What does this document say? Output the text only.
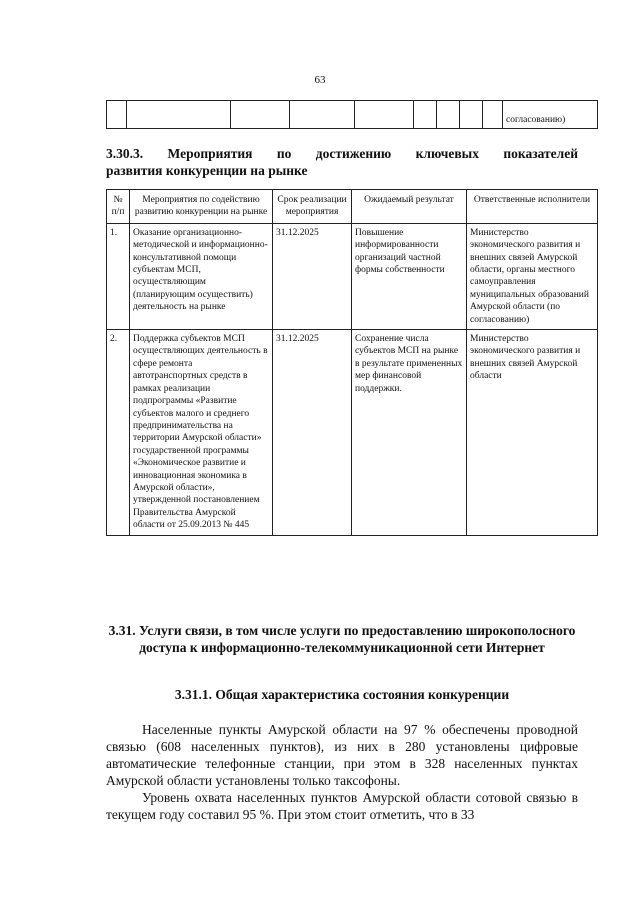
63
									согласованию)
3.30.3. Мероприятия по достижению ключевых показателей
развития конкуренции на рынке
№ п/п	Мероприятия по содействию развитию конкуренции на рынке	Срок реализации мероприятия	Ожидаемый результат	Ответственные исполнители
1.	Оказание организационно-методической и информационно-консультативной помощи субъектам МСП, осуществляющим (планирующим осуществить) деятельность на рынке	31.12.2025	Повышение информированности организаций частной формы собственности	Министерство экономического развития и внешних связей Амурской области, органы местного самоуправления муниципальных образований Амурской области (по согласованию)
2.	Поддержка субъектов МСП осуществляющих деятельность в сфере ремонта автотранспортных средств в рамках реализации подпрограммы «Развитие субъектов малого и среднего предпринимательства на территории Амурской области» государственной программы «Экономическое развитие и инновационная экономика в Амурской области», утвержденной постановлением Правительства Амурской области от 25.09.2013 № 445	31.12.2025	Сохранение числа субъектов МСП на рынке в результате примененных мер финансовой поддержки.	Министерство экономического развития и внешних связей Амурской области
3.31. Услуги связи, в том числе услуги по предоставлению широкополосного доступа к информационно-телекоммуникационной сети Интернет
3.31.1. Общая характеристика состояния конкуренции
Населенные пункты Амурской области на 97 % обеспечены проводной связью (608 населенных пунктов), из них в 280 установлены цифровые автоматические телефонные станции, при этом в 328 населенных пунктах Амурской области установлены только таксофоны.
Уровень охвата населенных пунктов Амурской области сотовой связью в текущем году составил 95 %. При этом стоит отметить, что в 33
